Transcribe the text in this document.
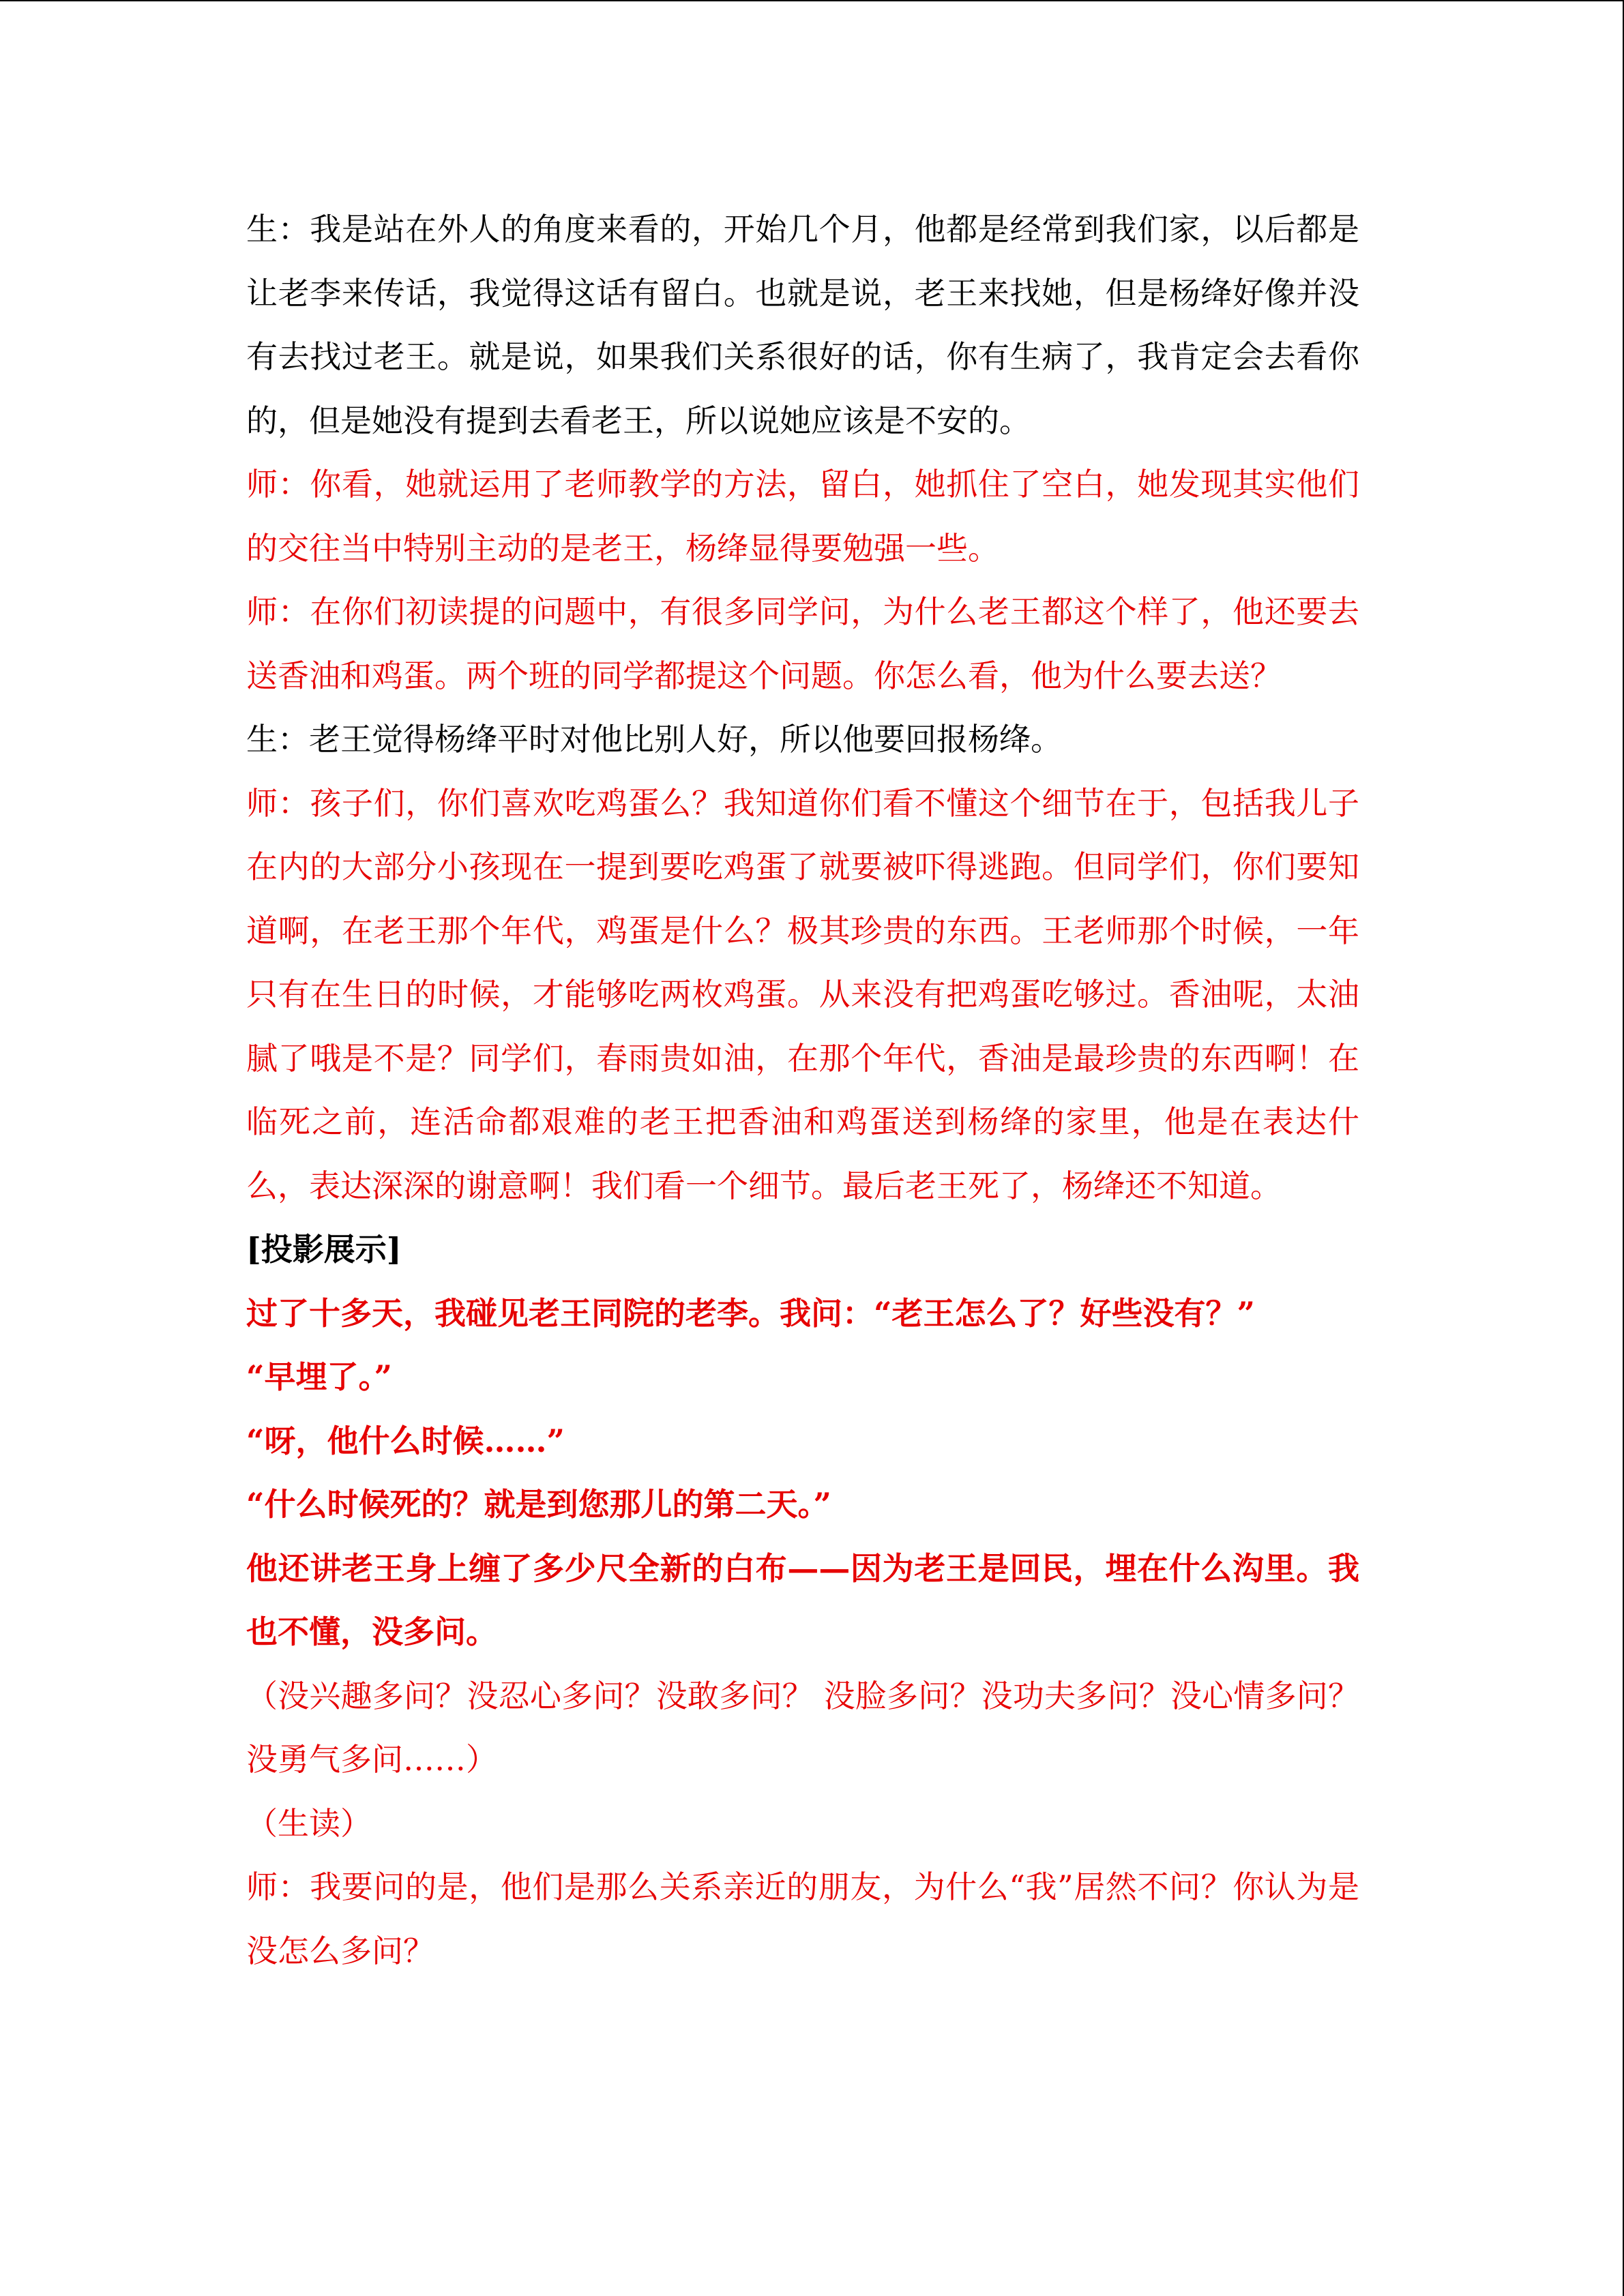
生：我是站在外人的角度来看的，开始几个月，他都是经常到我们家，以后都是让老李来传话，我觉得这话有留白。也就是说，老王来找她，但是杨绛好像并没有去找过老王。就是说，如果我们关系很好的话，你有生病了，我肯定会去看你的，但是她没有提到去看老王，所以说她应该是不安的。

师：你看，她就运用了老师教学的方法，留白，她抓住了空白，她发现其实他们的交往当中特别主动的是老王，杨绛显得要勉强一些。

师：在你们初读提的问题中，有很多同学问，为什么老王都这个样了，他还要去送香油和鸡蛋。两个班的同学都提这个问题。你怎么看，他为什么要去送？

生：老王觉得杨绛平时对他比别人好，所以他要回报杨绛。

师：孩子们，你们喜欢吃鸡蛋么？我知道你们看不懂这个细节在于，包括我儿子在内的大部分小孩现在一提到要吃鸡蛋了就要被吓得逃跑。但同学们，你们要知道啊，在老王那个年代，鸡蛋是什么？极其珍贵的东西。王老师那个时候，一年只有在生日的时候，才能够吃两枚鸡蛋。从来没有把鸡蛋吃够过。香油呢，太油腻了哦是不是？同学们，春雨贵如油，在那个年代，香油是最珍贵的东西啊！在临死之前，连活命都艰难的老王把香油和鸡蛋送到杨绛的家里，他是在表达什么，表达深深的谢意啊！我们看一个细节。最后老王死了，杨绛还不知道。

[投影展示]

过了十多天，我碰见老王同院的老李。我问：“老王怎么了？好些没有？”

“早埋了。”

“呀，他什么时候……”

“什么时候死的？就是到您那儿的第二天。”

他还讲老王身上缠了多少尺全新的白布——因为老王是回民，埋在什么沟里。我也不懂，没多问。

（没兴趣多问？没忍心多问？没敢多问？ 没脸多问？没功夫多问？没心情多问？没勇气多问……）

（生读）

师：我要问的是，他们是那么关系亲近的朋友，为什么“我”居然不问？你认为是没怎么多问？
